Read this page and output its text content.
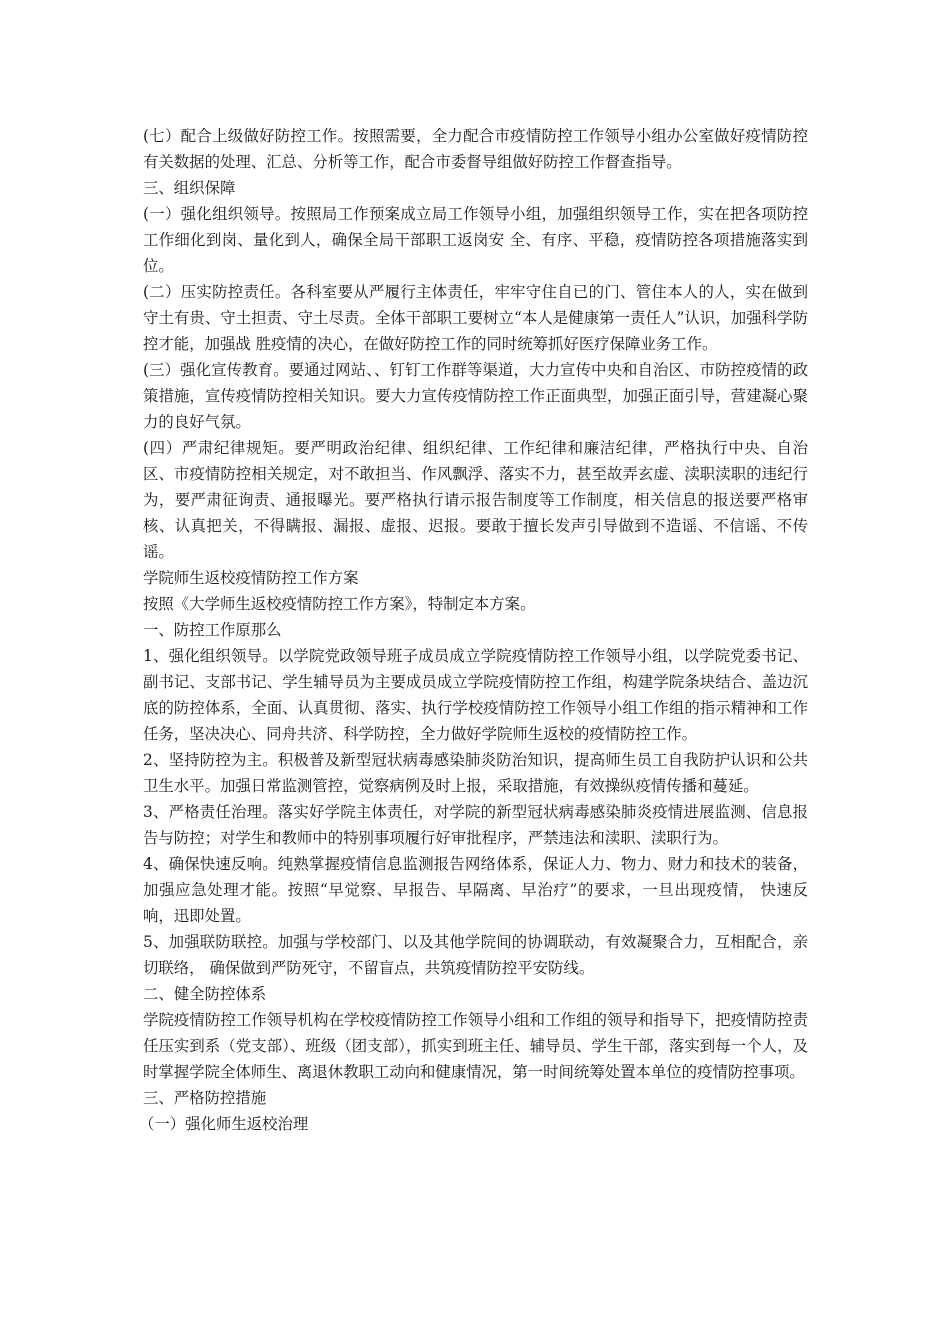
(七）配合上级做好防控工作。按照需要，全力配合市疫情防控工作领导小组办公室做好疫情防控有关数据的处理、汇总、分析等工作，配合市委督导组做好防控工作督查指导。

三、组织保障

(一）强化组织领导。按照局工作预案成立局工作领导小组，加强组织领导工作，实在把各项防控工作细化到岗、量化到人，确保全局干部职工返岗安 全、有序、平稳，疫情防控各项措施落实到位。

(二）压实防控责任。各科室要从严履行主体责任，牢牢守住自已的门、管住本人的人，实在做到守土有贵、守土担责、守土尽责。全体干部职工要树立“本人是健康第一责任人”认识，加强科学防控才能，加强战 胜疫情的决心，在做好防控工作的同时统筹抓好医疗保障业务工作。

(三）强化宣传教育。要通过网站、、钉钉工作群等渠道，大力宣传中央和自治区、市防控疫情的政策措施，宣传疫情防控相关知识。要大力宣传疫情防控工作正面典型，加强正面引导，营建凝心聚力的良好气氛。

(四）严肃纪律规矩。要严明政治纪律、组织纪律、工作纪律和廉洁纪律，严格执行中央、自治区、市疫情防控相关规定，对不敢担当、作风飘浮、落实不力，甚至故弄玄虚、渎职渎职的违纪行为，要严肃征询责、通报曝光。要严格执行请示报告制度等工作制度，相关信息的报送要严格审核、认真把关，不得瞒报、漏报、虚报、迟报。要敢于擅长发声引导做到不造谣、不信谣、不传谣。

学院师生返校疫情防控工作方案

按照《大学师生返校疫情防控工作方案》，特制定本方案。

一、防控工作原那么

1、强化组织领导。以学院党政领导班子成员成立学院疫情防控工作领导小组，以学院党委书记、副书记、支部书记、学生辅导员为主要成员成立学院疫情防控工作组，构建学院条块结合、盖边沉底的防控体系，全面、认真贯彻、落实、执行学校疫情防控工作领导小组工作组的指示精神和工作任务，坚决决心、同舟共济、科学防控，全力做好学院师生返校的疫情防控工作。

2、坚持防控为主。积极普及新型冠状病毒感染肺炎防治知识，提高师生员工自我防护认识和公共卫生水平。加强日常监测管控，觉察病例及时上报，采取措施，有效操纵疫情传播和蔓延。

3、严格责任治理。落实好学院主体责任，对学院的新型冠状病毒感染肺炎疫情进展监测、信息报告与防控；对学生和教师中的特别事项履行好审批程序，严禁违法和渎职、渎职行为。

4、确保快速反响。纯熟掌握疫情信息监测报告网络体系，保证人力、物力、财力和技术的装备，加强应急处理才能。按照“早觉察、早报告、早隔离、早治疗”的要求，一旦出现疫情， 快速反响，迅即处置。

5、加强联防联控。加强与学校部门、以及其他学院间的协调联动，有效凝聚合力，互相配合，亲切联络， 确保做到严防死守，不留盲点，共筑疫情防控平安防线。

二、健全防控体系

学院疫情防控工作领导机构在学校疫情防控工作领导小组和工作组的领导和指导下，把疫情防控责任压实到系（党支部）、班级（团支部），抓实到班主任、辅导员、学生干部，落实到每一个人，及时掌握学院全体师生、离退休教职工动向和健康情况，第一时间统筹处置本单位的疫情防控事项。

三、严格防控措施

（一）强化师生返校治理
